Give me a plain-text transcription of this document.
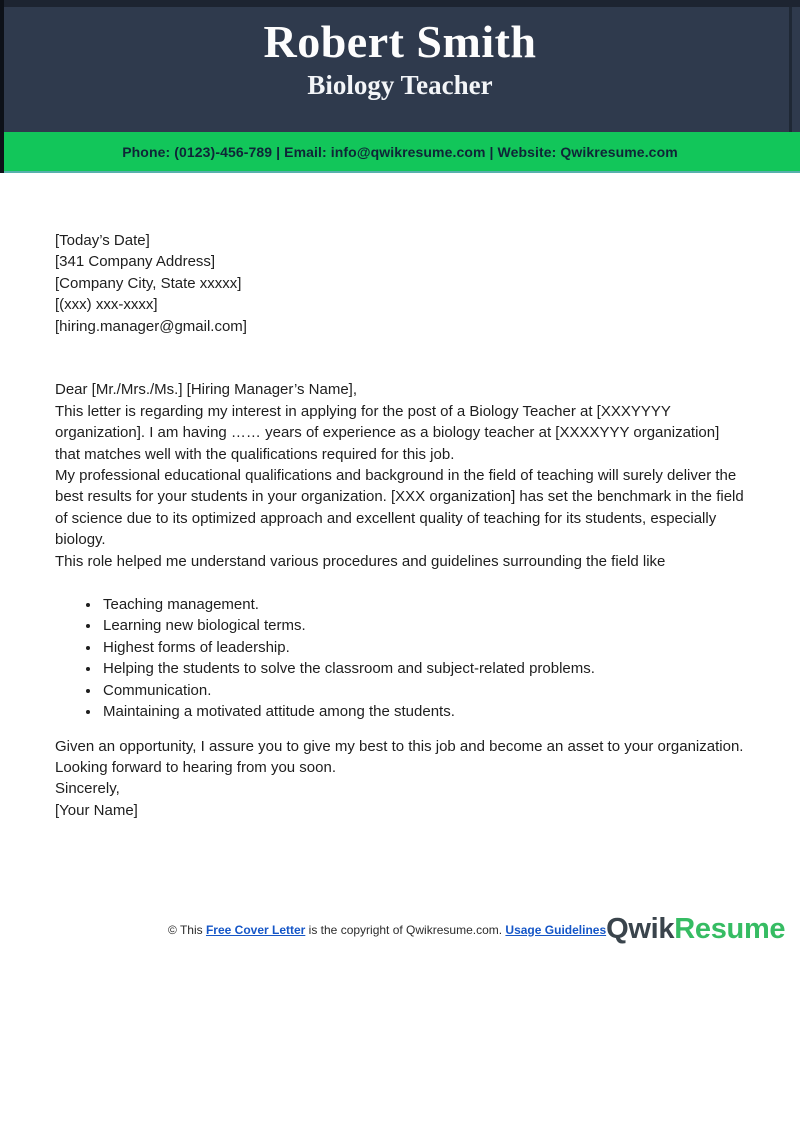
Robert Smith
Biology Teacher
Phone: (0123)-456-789 | Email: info@qwikresume.com | Website: Qwikresume.com

[Today’s Date]

[341 Company Address]
[Company City, State xxxxx]
[(xxx) xxx-xxxx]
[hiring.manager@gmail.com]

Dear [Mr./Mrs./Ms.] [Hiring Manager’s Name],

This letter is regarding my interest in applying for the post of a Biology Teacher at [XXXYYYY organization]. I am having …… years of experience as a biology teacher at [XXXXYYY organization] that matches well with the qualifications required for this job.

My professional educational qualifications and background in the field of teaching will surely deliver the best results for your students in your organization. [XXX organization] has set the benchmark in the field of science due to its optimized approach and excellent quality of teaching for its students, especially biology.

This role helped me understand various procedures and guidelines surrounding the field like

• Teaching management.
• Learning new biological terms.
• Highest forms of leadership.
• Helping the students to solve the classroom and subject-related problems.
• Communication.
• Maintaining a motivated attitude among the students.

Given an opportunity, I assure you to give my best to this job and become an asset to your organization.

Looking forward to hearing from you soon.

Sincerely,
[Your Name]
© This Free Cover Letter is the copyright of Qwikresume.com. Usage Guidelines QwikResume
